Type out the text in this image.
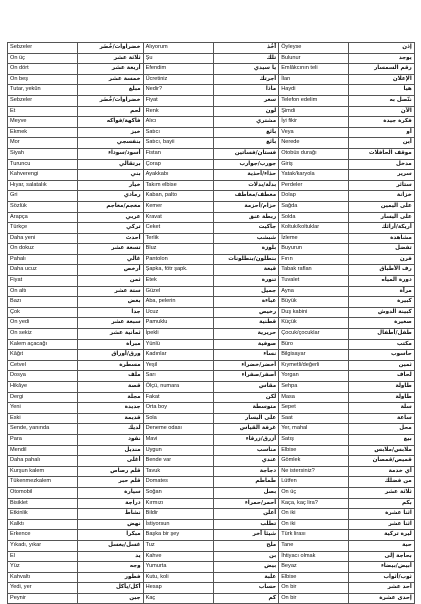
Sebzeler	خضراوات/خُضَر	Alıyorum	آخُذ	Öyleyse	إذن
On üç	ثلاثة عشر	Şu	تلك	Bulunur	يوجد
On dört	أربعة عشر	Efendim	يا سيدي	Emlâkcının teli	رقم السمسار
On beş	خمسة عشر	Ücretiniz	أجرتك	İlan	الإعلان
Tutar, yekûn	مبلغ	Nedir?	ماذا	Haydi	هيا
Sebzeler	خضراوات/خُضَر	Fiyat	سعر	Telefon edelim	نتّصل به
Et	لحم	Renk	لون	Şimdi	الآن
Meyve	فاكهة/فواكه	Alıcı	مشتري	İyi fikir	فكرة جيدة
Ekmek	خبز	Satıcı	بائع	Veya	أو
Mor	بنفسجي	Satıcı, bayii	بائع	Nerede	أين
Siyah	أسود/سوداء	Fistan	فستان/فساتين	Otobüs durağı	موقف الحافلات
Turuncu	برتقالي	Çorap	جورب/جوارب	Giriş	مدخل
Kahverengi	بني	Ayakkabı	حذاء/أحذية	Yatak/karyola	سرير
Hıyar, salatalık	خيار	Takım elbise	بدلة/بدلات	Perdeler	ستائر
Gri	رمادي	Kaban, palto	معطف/معاطف	Dolap	خزانة
Sözlük	معجم/معاجم	Kemer	حزام/أحزمة	Sağda	على اليمين
Arapça	عربي	Kravat	ربطة عنق	Solda	على اليسار
Türkçe	تركي	Ceket	جاكيت	Koltuk/koltuklar	أريكة/أرائك
Daha yeni	أحدث	Terlik	شبشب	İzleme	مشاهدة
On dokuz	تسعة عشر	Bluz	بلوزة	Buyurun	تفضل
Pahalı	غالي	Pantolon	بنطلون/بنطلونات	Fırın	فرن
Daha ucuz	أرخص	Şapka, fötr şapk.	قبعة	Tabak raflan	رف الأطباق
Fiyat	ثمن	Etek	تنورة	Tuvalet	دورة المياه
On altı	ستة عشر	Güzel	جميل	Ayna	مرآة
Bazı	بعض	Aba, pelerin	عباءة	Büyük	كبيرة
Çok	جدا	Ucuz	رخيص	Duş kabini	كبينة الدوش
On yedi	سبعة عشر	Pamuklu	قطنية	Küçük	صغيرة
On sekiz	ثمانية عشر	İpekli	حريرية	Çocuk/çocuklar	طفل/أطفال
Kalem açacağı	مبراة	Yünlü	صوفية	Büro	مكتب
Kâğıt	ورق/أوراق	Kadınlar	نساء	Bilgisayar	حاسوب
Cetvel	مسطرة	Yeşil	أخضر/خضراء	Kıymetli/değerli	ثمين
Dosya	ملف	Sarı	أصفر/صفراء	Yorgan	لحاف
Hikâye	قصة	Ölçü, numara	مقاس	Sehpa	طاولة
Dergi	مجلة	Fakat	لكن	Masa	طاولة
Yeni	جديدة	Orta boy	متوسطة	Sepet	سلة
Eski	قديمة	Sola	على اليسار	Saat	ساعة
Sende, yanında	لديك	Deneme odası	غرفة القياس	Yer, mahal	محل
Para	نقود	Mavi	أزرق/زرقاء	Satış	بيع
Mendil	منديل	Uygun	مناسب	Elbise	ملابس/ملابس
Daha pahalı	أغلى	Bende var	عندي	Gömlek	قميص/قمصان
Kurşun kalem	قلم رصاص	Tavuk	دجاجة	Ne istersiniz?	أي خدمة
Tükenmezkalem	قلم حبر	Domates	طماطم	Lütfen	من فضلك
Otomobil	سيارة	Soğan	بصل	On üç	ثلاثة عشر
Bisiklet	دراجة	Kırmızı	أحمر/حمراء	Kaça, kaç lira?	بكم
Etkinlik	نشاط	Bildir	أعلن	On iki	اثنا عشرة
Kalktı	نهض	İstiyorsun	تطلب	On iki	اثنا عشر
Erkence	مبكرا	Başka bir şey	شيئا آخر	Türk lirası	ليرة تركية
Yıkadı, yıkar	غسل/يغسل	Tuz	ملح	Tane	حبة
El	يد	Kahve	بن	İhtiyacı olmak	بحاجة إلى
Yüz	وجه	Yumurta	بيض	Beyaz	أبيض/بيضاء
Kahvaltı	فطور	Kutu, koli	علبة	Elbise	ثوب/أثواب
Yedi, yer	أكل/يأكل	Hesap	حساب	On bir	أحد عشر
Peynir	جبن	Kaç	كم	On bir	إحدى عشرة
